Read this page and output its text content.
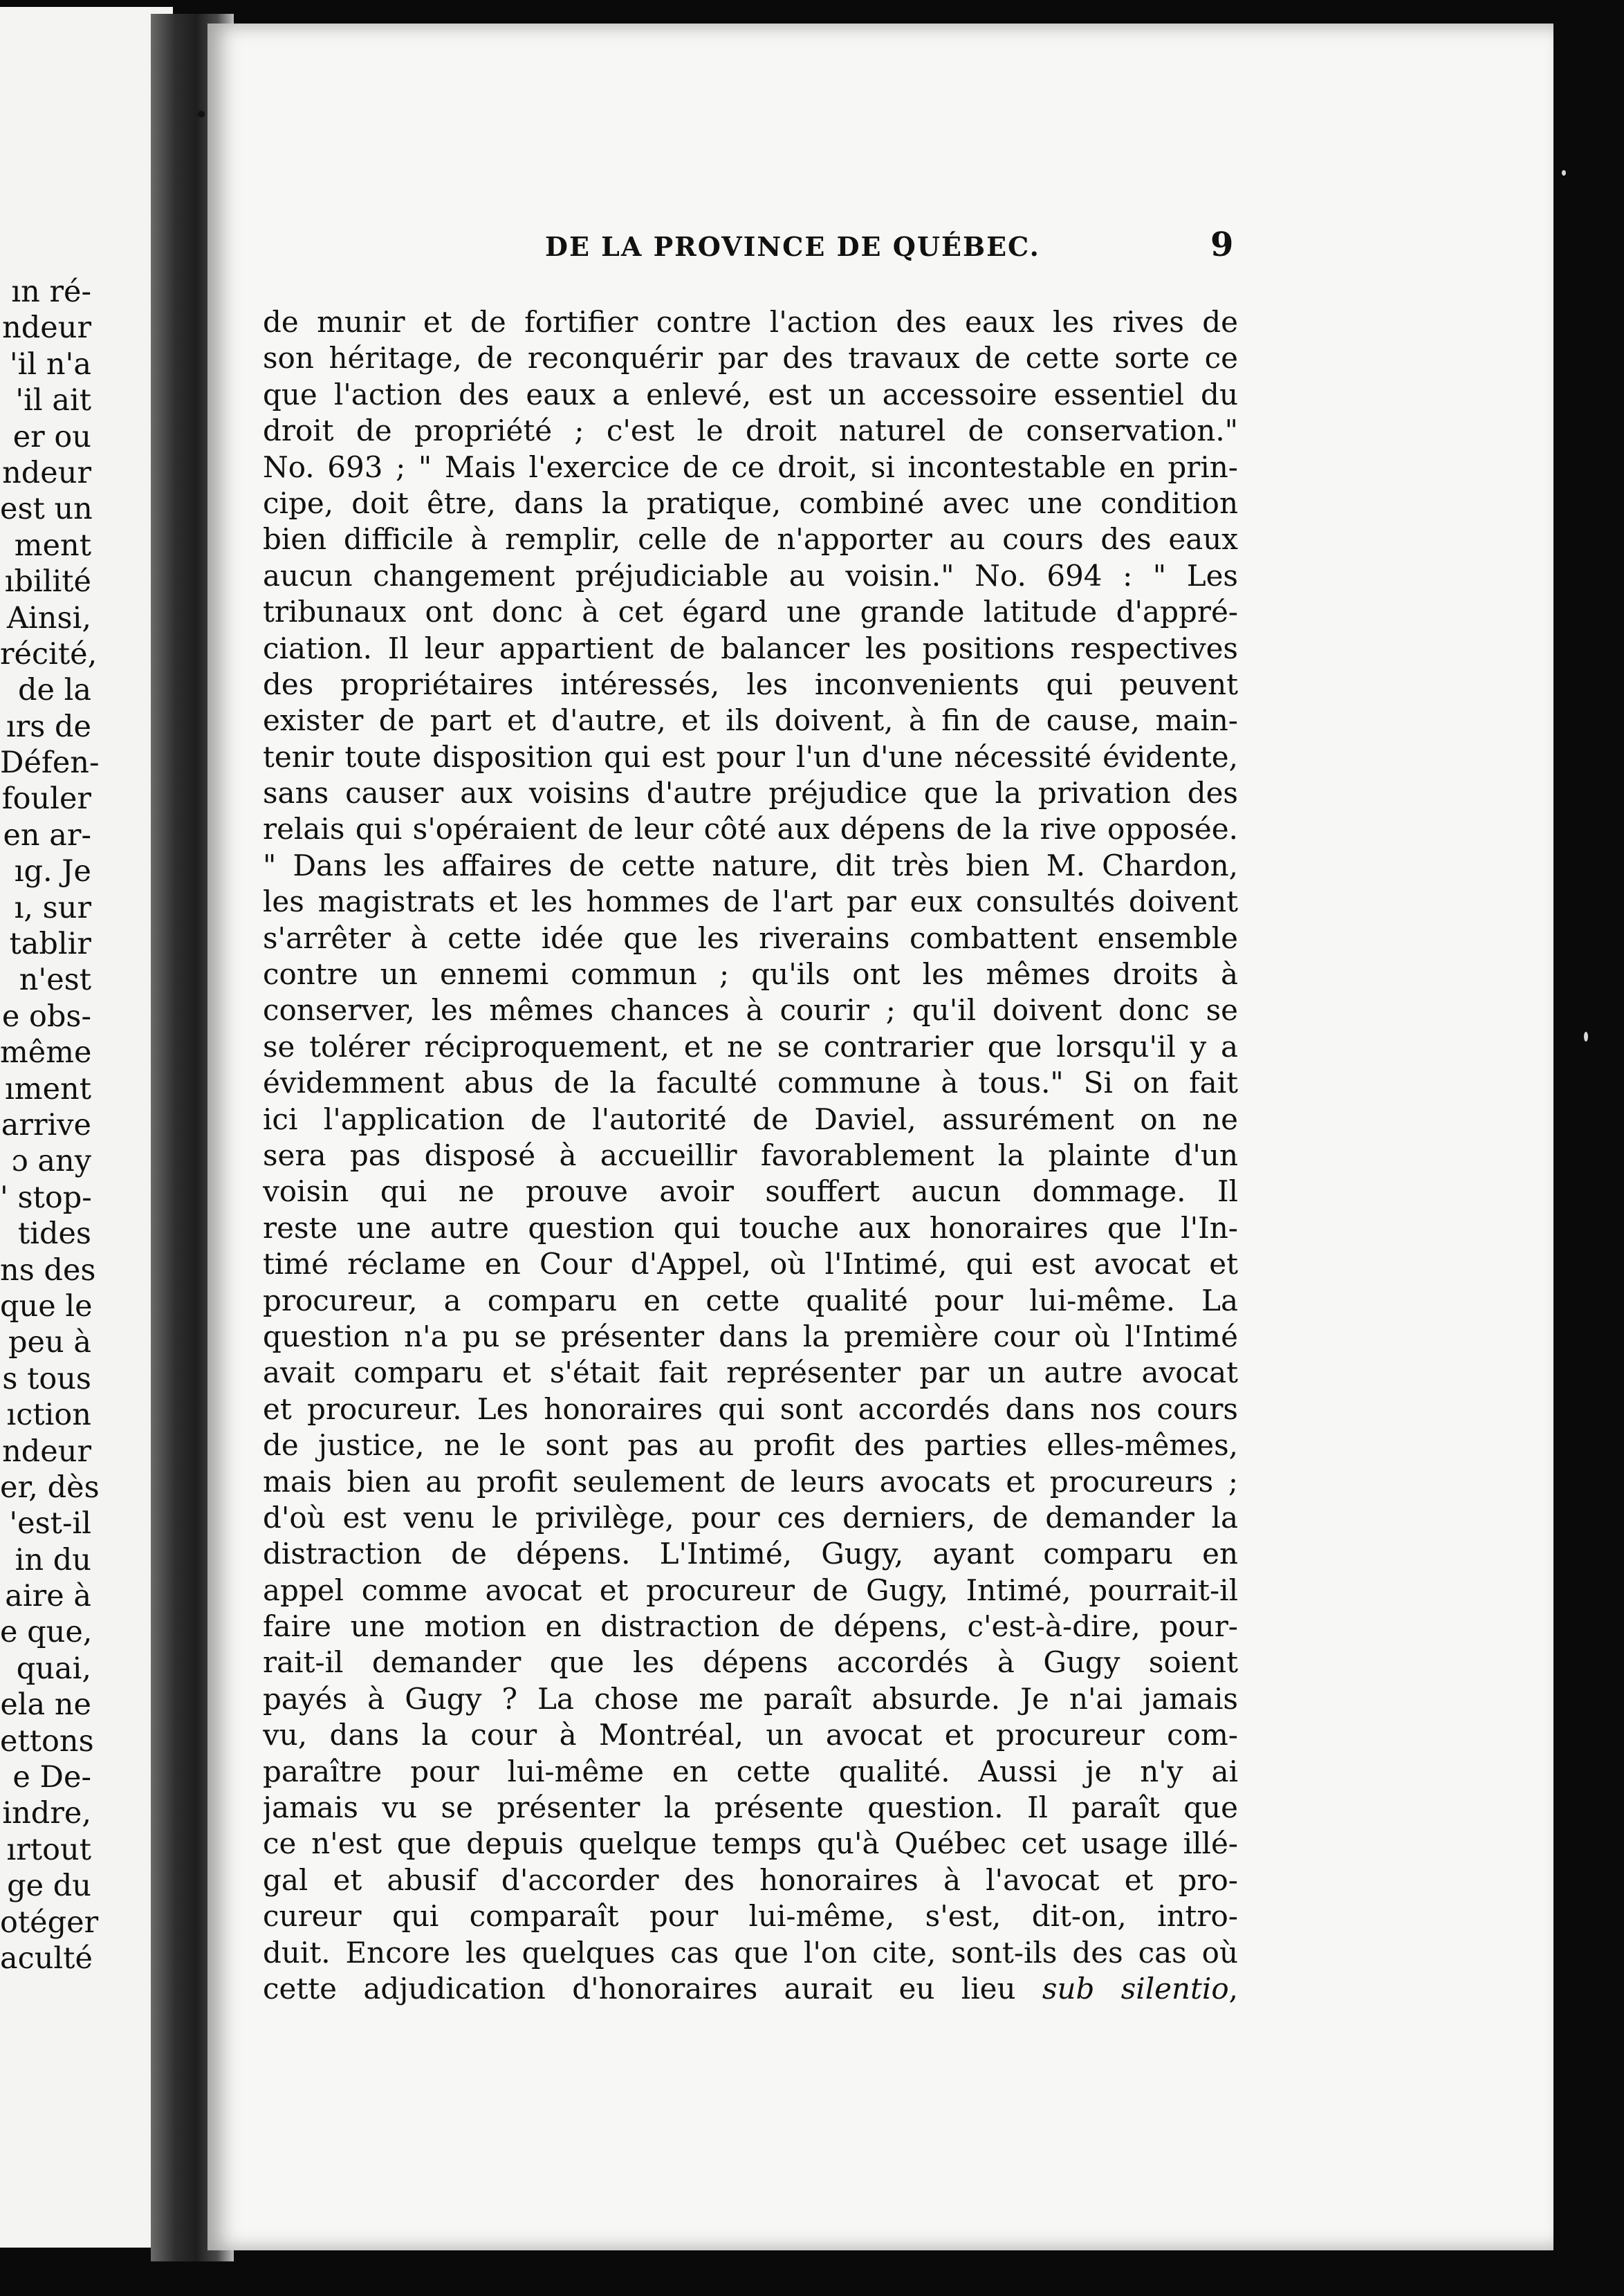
ın ré-
ndeur
'il n'a
'il ait
er ou
ndeur
est un
ment
ıbilité
Ainsi,
récité,
de la
ırs de
Défen-
fouler
en ar-
ıg. Je
ı, sur
tablir
n'est
e obs-
même
ıment
arrive
ɔ any
' stop-
tides
ns des
que le
peu à
s tous
ıction
ndeur
er, dès
'est-il
in du
aire à
e que,
quai,
ela ne
ettons
e De-
indre,
ırtout
ge du
otéger
aculté
DE LA PROVINCE DE QUÉBEC.	9
de munir et de fortifier contre l'action des eaux les rives de
son héritage, de reconquérir par des travaux de cette sorte ce
que l'action des eaux a enlevé, est un accessoire essentiel du
droit de propriété ; c'est le droit naturel de conservation."
No. 693 ; " Mais l'exercice de ce droit, si incontestable en prin-
cipe, doit être, dans la pratique, combiné avec une condition
bien difficile à remplir, celle de n'apporter au cours des eaux
aucun changement préjudiciable au voisin." No. 694 : " Les
tribunaux ont donc à cet égard une grande latitude d'appré-
ciation. Il leur appartient de balancer les positions respectives
des propriétaires intéressés, les inconvenients qui peuvent
exister de part et d'autre, et ils doivent, à fin de cause, main-
tenir toute disposition qui est pour l'un d'une nécessité évidente,
sans causer aux voisins d'autre préjudice que la privation des
relais qui s'opéraient de leur côté aux dépens de la rive opposée.
" Dans les affaires de cette nature, dit très bien M. Chardon,
les magistrats et les hommes de l'art par eux consultés doivent
s'arrêter à cette idée que les riverains combattent ensemble
contre un ennemi commun ; qu'ils ont les mêmes droits à
conserver, les mêmes chances à courir ; qu'il doivent donc se
se tolérer réciproquement, et ne se contrarier que lorsqu'il y a
évidemment abus de la faculté commune à tous." Si on fait
ici l'application de l'autorité de Daviel, assurément on ne
sera pas disposé à accueillir favorablement la plainte d'un
voisin qui ne prouve avoir souffert aucun dommage. Il
reste une autre question qui touche aux honoraires que l'In-
timé réclame en Cour d'Appel, où l'Intimé, qui est avocat et
procureur, a comparu en cette qualité pour lui-même. La
question n'a pu se présenter dans la première cour où l'Intimé
avait comparu et s'était fait représenter par un autre avocat
et procureur. Les honoraires qui sont accordés dans nos cours
de justice, ne le sont pas au profit des parties elles-mêmes,
mais bien au profit seulement de leurs avocats et procureurs ;
d'où est venu le privilège, pour ces derniers, de demander la
distraction de dépens. L'Intimé, Gugy, ayant comparu en
appel comme avocat et procureur de Gugy, Intimé, pourrait-il
faire une motion en distraction de dépens, c'est-à-dire, pour-
rait-il demander que les dépens accordés à Gugy soient
payés à Gugy ? La chose me paraît absurde. Je n'ai jamais
vu, dans la cour à Montréal, un avocat et procureur com-
paraître pour lui-même en cette qualité. Aussi je n'y ai
jamais vu se présenter la présente question. Il paraît que
ce n'est que depuis quelque temps qu'à Québec cet usage illé-
gal et abusif d'accorder des honoraires à l'avocat et pro-
cureur qui comparaît pour lui-même, s'est, dit-on, intro-
duit. Encore les quelques cas que l'on cite, sont-ils des cas où
cette adjudication d'honoraires aurait eu lieu sub silentio,
